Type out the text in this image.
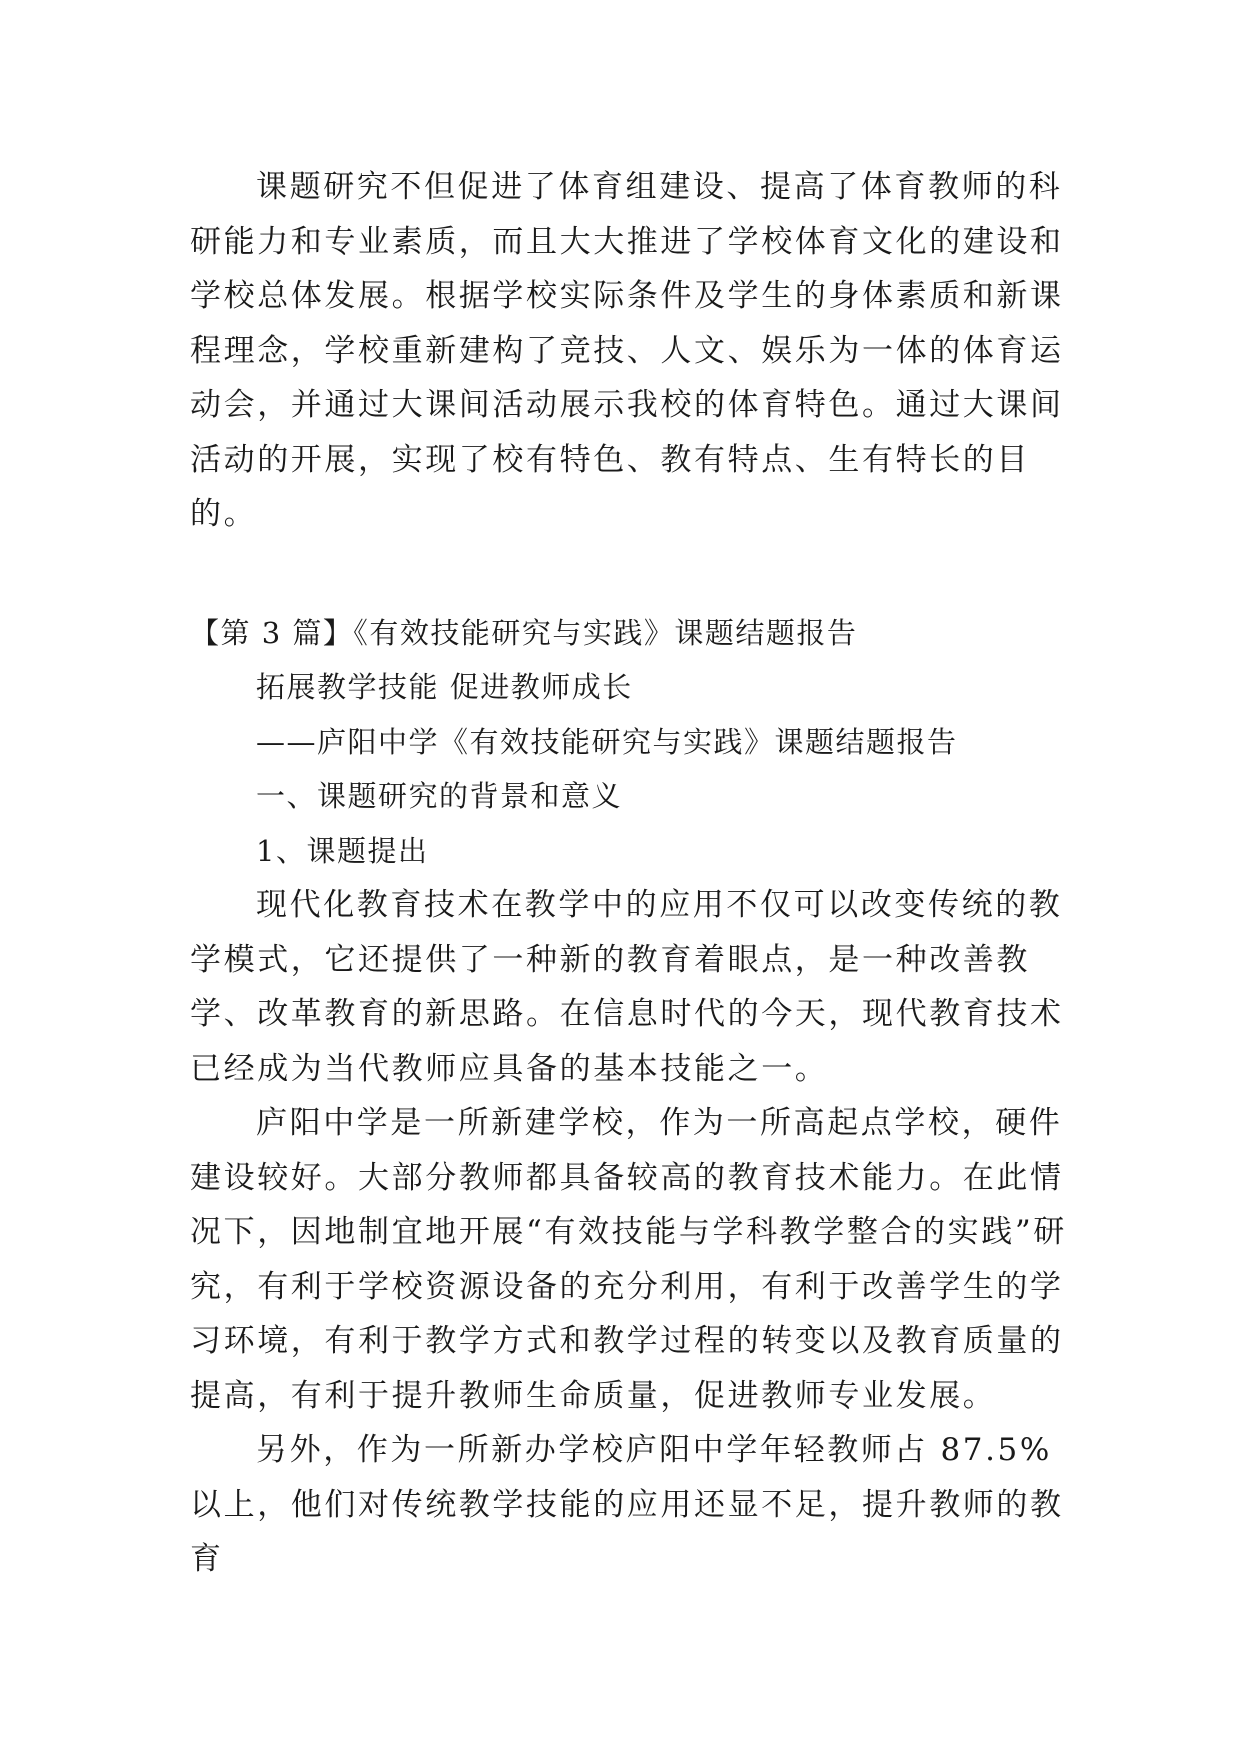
课题研究不但促进了体育组建设、提高了体育教师的科研能力和专业素质，而且大大推进了学校体育文化的建设和学校总体发展。根据学校实际条件及学生的身体素质和新课程理念，学校重新建构了竞技、人文、娱乐为一体的体育运动会，并通过大课间活动展示我校的体育特色。通过大课间活动的开展，实现了校有特色、教有特点、生有特长的目的。

【第 3 篇】《有效技能研究与实践》课题结题报告

拓展教学技能 促进教师成长

——庐阳中学《有效技能研究与实践》课题结题报告

一、课题研究的背景和意义

1、课题提出

现代化教育技术在教学中的应用不仅可以改变传统的教学模式，它还提供了一种新的教育着眼点，是一种改善教学、改革教育的新思路。在信息时代的今天，现代教育技术已经成为当代教师应具备的基本技能之一。

庐阳中学是一所新建学校，作为一所高起点学校，硬件建设较好。大部分教师都具备较高的教育技术能力。在此情况下，因地制宜地开展“有效技能与学科教学整合的实践”研究，有利于学校资源设备的充分利用，有利于改善学生的学习环境，有利于教学方式和教学过程的转变以及教育质量的提高，有利于提升教师生命质量，促进教师专业发展。

另外，作为一所新办学校庐阳中学年轻教师占 87.5%以上，他们对传统教学技能的应用还显不足，提升教师的教育
